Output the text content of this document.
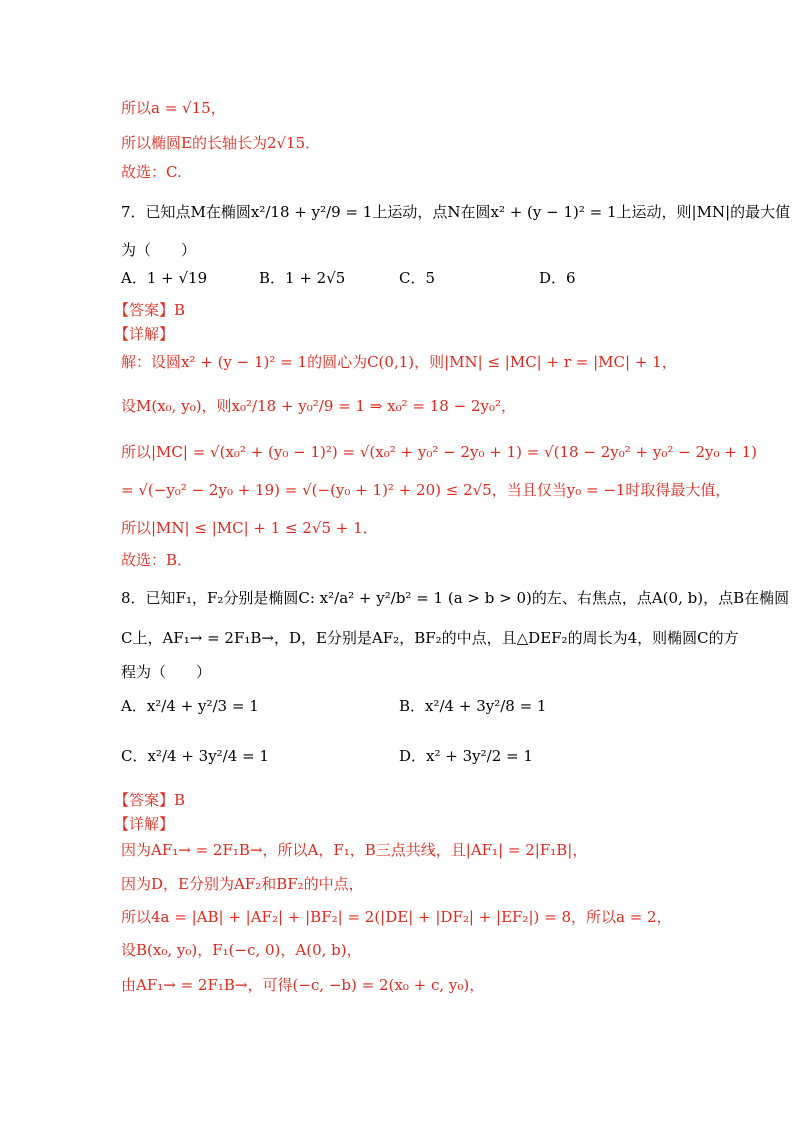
所以a = √15，
所以椭圆E的长轴长为2√15．
故选：C.
7．已知点M在椭圆x²/18 + y²/9 = 1上运动，点N在圆x² + (y − 1)² = 1上运动，则|MN|的最大值
为（　　）
A．1 + √19	B．1 + 2√5	C．5	D．6
【答案】B
【详解】
解：设圆x² + (y − 1)² = 1的圆心为C(0,1)，则|MN| ≤ |MC| + r = |MC| + 1，
设M(x₀, y₀)，则x₀²/18 + y₀²/9 = 1 ⇒ x₀² = 18 − 2y₀²，
所以|MC| = √(x₀² + (y₀ − 1)²) = √(x₀² + y₀² − 2y₀ + 1) = √(18 − 2y₀² + y₀² − 2y₀ + 1)
= √(−y₀² − 2y₀ + 19) = √(−(y₀ + 1)² + 20) ≤ 2√5，当且仅当y₀ = −1时取得最大值，
所以|MN| ≤ |MC| + 1 ≤ 2√5 + 1．
故选：B．
8．已知F₁，F₂分别是椭圆C: x²/a² + y²/b² = 1 (a > b > 0)的左、右焦点，点A(0, b)，点B在椭圆
C上，AF₁→ = 2F₁B→，D，E分别是AF₂，BF₂的中点，且△DEF₂的周长为4，则椭圆C的方
程为（　　）
A．x²/4 + y²/3 = 1	B．x²/4 + 3y²/8 = 1
C．x²/4 + 3y²/4 = 1	D．x² + 3y²/2 = 1
【答案】B
【详解】
因为AF₁→ = 2F₁B→，所以A，F₁，B三点共线，且|AF₁| = 2|F₁B|，
因为D，E分别为AF₂和BF₂的中点，
所以4a = |AB| + |AF₂| + |BF₂| = 2(|DE| + |DF₂| + |EF₂|) = 8，所以a = 2，
设B(x₀, y₀)，F₁(−c, 0)，A(0, b)，
由AF₁→ = 2F₁B→，可得(−c, −b) = 2(x₀ + c, y₀)，
